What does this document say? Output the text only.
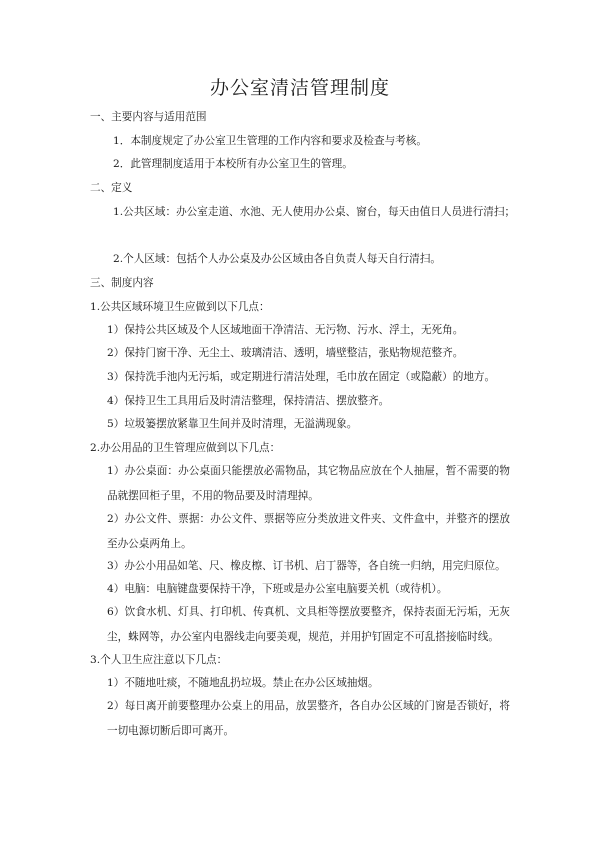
办公室清洁管理制度
一、主要内容与适用范围
1．本制度规定了办公室卫生管理的工作内容和要求及检查与考核。
2．此管理制度适用于本校所有办公室卫生的管理。
二、定义
1.公共区域：办公室走道、水池、无人使用办公桌、窗台，每天由值日人员进行清扫；
2.个人区域：包括个人办公桌及办公区域由各自负责人每天自行清扫。
三、制度内容
1.公共区域环境卫生应做到以下几点：
1）保持公共区域及个人区域地面干净清洁、无污物、污水、浮土，无死角。
2）保持门窗干净、无尘土、玻璃清洁、透明，墙壁整洁，张贴物规范整齐。
3）保持洗手池内无污垢，或定期进行清洁处理，毛巾放在固定（或隐蔽）的地方。
4）保持卫生工具用后及时清洁整理，保持清洁、摆放整齐。
5）垃圾篓摆放紧靠卫生间并及时清理，无溢满现象。
2.办公用品的卫生管理应做到以下几点：
1）办公桌面：办公桌面只能摆放必需物品，其它物品应放在个人抽屉，暂不需要的物品就摆回柜子里，不用的物品要及时清理掉。
2）办公文件、票据：办公文件、票据等应分类放进文件夹、文件盒中，并整齐的摆放至办公桌两角上。
3）办公小用品如笔、尺、橡皮檫、订书机、启丁器等，各自统一归纳，用完归原位。
4）电脑：电脑键盘要保持干净，下班或是办公室电脑要关机（或待机）。
6）饮食水机、灯具、打印机、传真机、文具柜等摆放要整齐，保持表面无污垢，无灰尘，蛛网等，办公室内电器线走向要美观，规范，并用护钉固定不可乱搭接临时线。
3.个人卫生应注意以下几点：
1）不随地吐痰，不随地乱扔垃圾。禁止在办公区域抽烟。
2）每日离开前要整理办公桌上的用品，放罢整齐，各自办公区域的门窗是否锁好，将一切电源切断后即可离开。
